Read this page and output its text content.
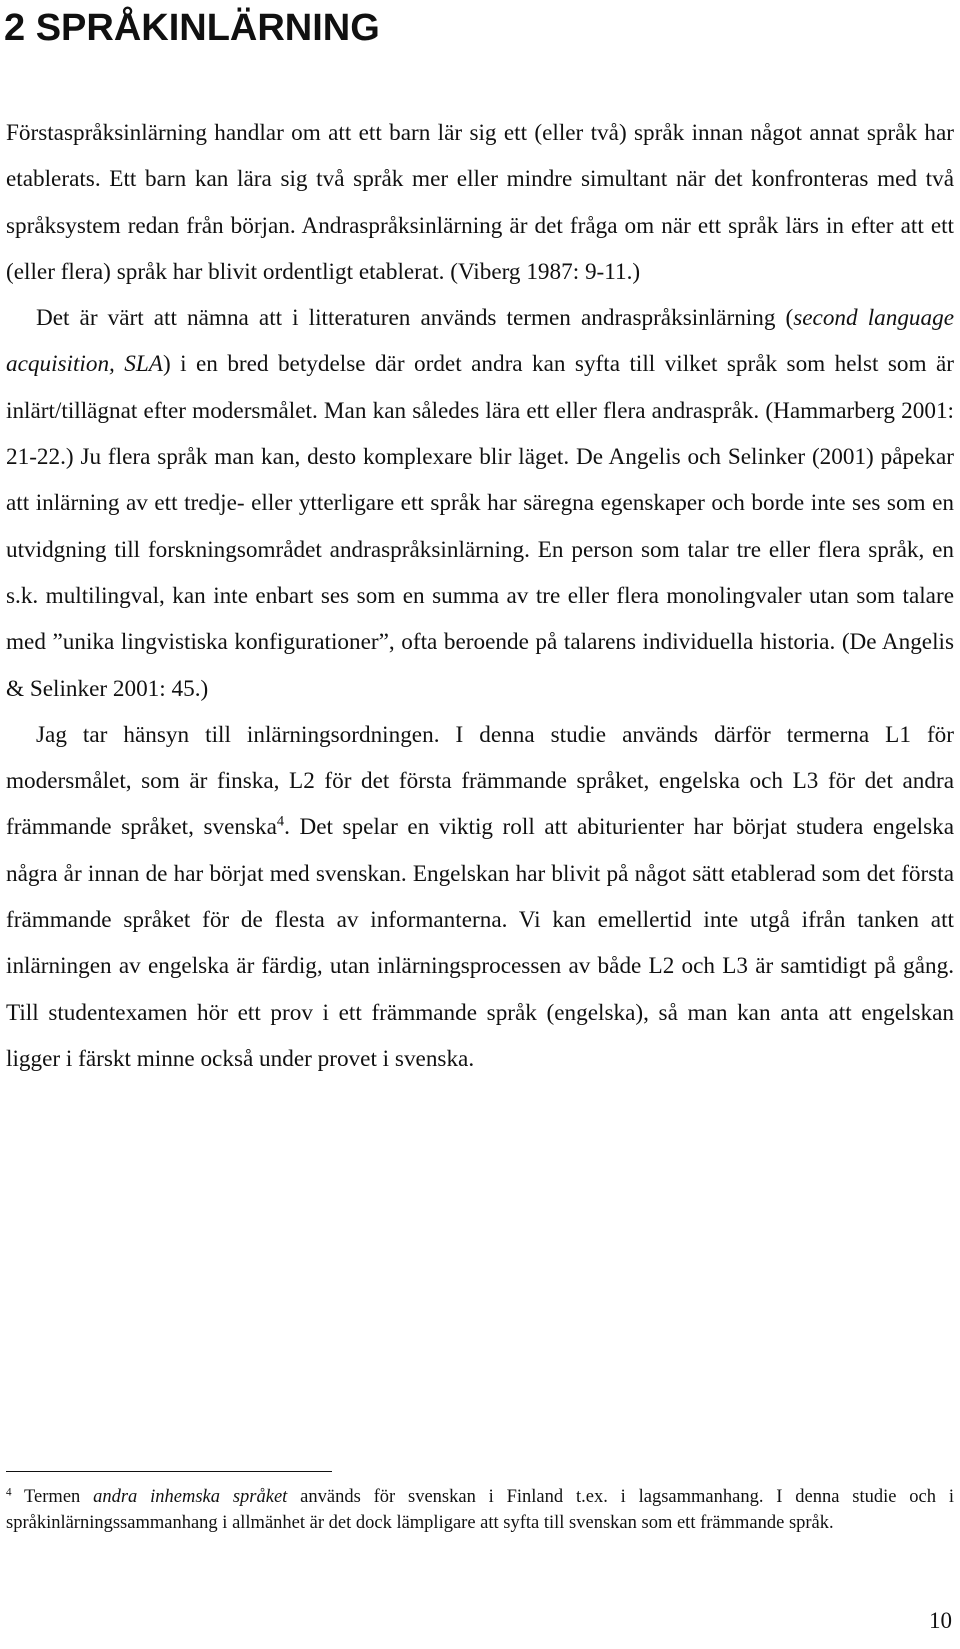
2 SPRÅKINLÄRNING

Förstaspråksinlärning handlar om att ett barn lär sig ett (eller två) språk innan något annat språk har etablerats. Ett barn kan lära sig två språk mer eller mindre simultant när det konfronteras med två språksystem redan från början. Andraspråksinlärning är det fråga om när ett språk lärs in efter att ett (eller flera) språk har blivit ordentligt etablerat. (Viberg 1987: 9-11.)

Det är värt att nämna att i litteraturen används termen andraspråksinlärning (second language acquisition, SLA) i en bred betydelse där ordet andra kan syfta till vilket språk som helst som är inlärt/tillägnat efter modersmålet. Man kan således lära ett eller flera andraspråk. (Hammarberg 2001: 21-22.) Ju flera språk man kan, desto komplexare blir läget. De Angelis och Selinker (2001) påpekar att inlärning av ett tredje- eller ytterligare ett språk har säregna egenskaper och borde inte ses som en utvidgning till forskningsområdet andraspråksinlärning. En person som talar tre eller flera språk, en s.k. multilingval, kan inte enbart ses som en summa av tre eller flera monolingvaler utan som talare med ”unika lingvistiska konfigurationer”, ofta beroende på talarens individuella historia. (De Angelis & Selinker 2001: 45.)

Jag tar hänsyn till inlärningsordningen. I denna studie används därför termerna L1 för modersmålet, som är finska, L2 för det första främmande språket, engelska och L3 för det andra främmande språket, svenska$^4$. Det spelar en viktig roll att abiturienter har börjat studera engelska några år innan de har börjat med svenskan. Engelskan har blivit på något sätt etablerad som det första främmande språket för de flesta av informanterna. Vi kan emellertid inte utgå ifrån tanken att inlärningen av engelska är färdig, utan inlärningsprocessen av både L2 och L3 är samtidigt på gång. Till studentexamen hör ett prov i ett främmande språk (engelska), så man kan anta att engelskan ligger i färskt minne också under provet i svenska.

$^4$ Termen andra inhemska språket används för svenskan i Finland t.ex. i lagsammanhang. I denna studie och i språkinlärningssammanhang i allmänhet är det dock lämpligare att syfta till svenskan som ett främmande språk.

10
